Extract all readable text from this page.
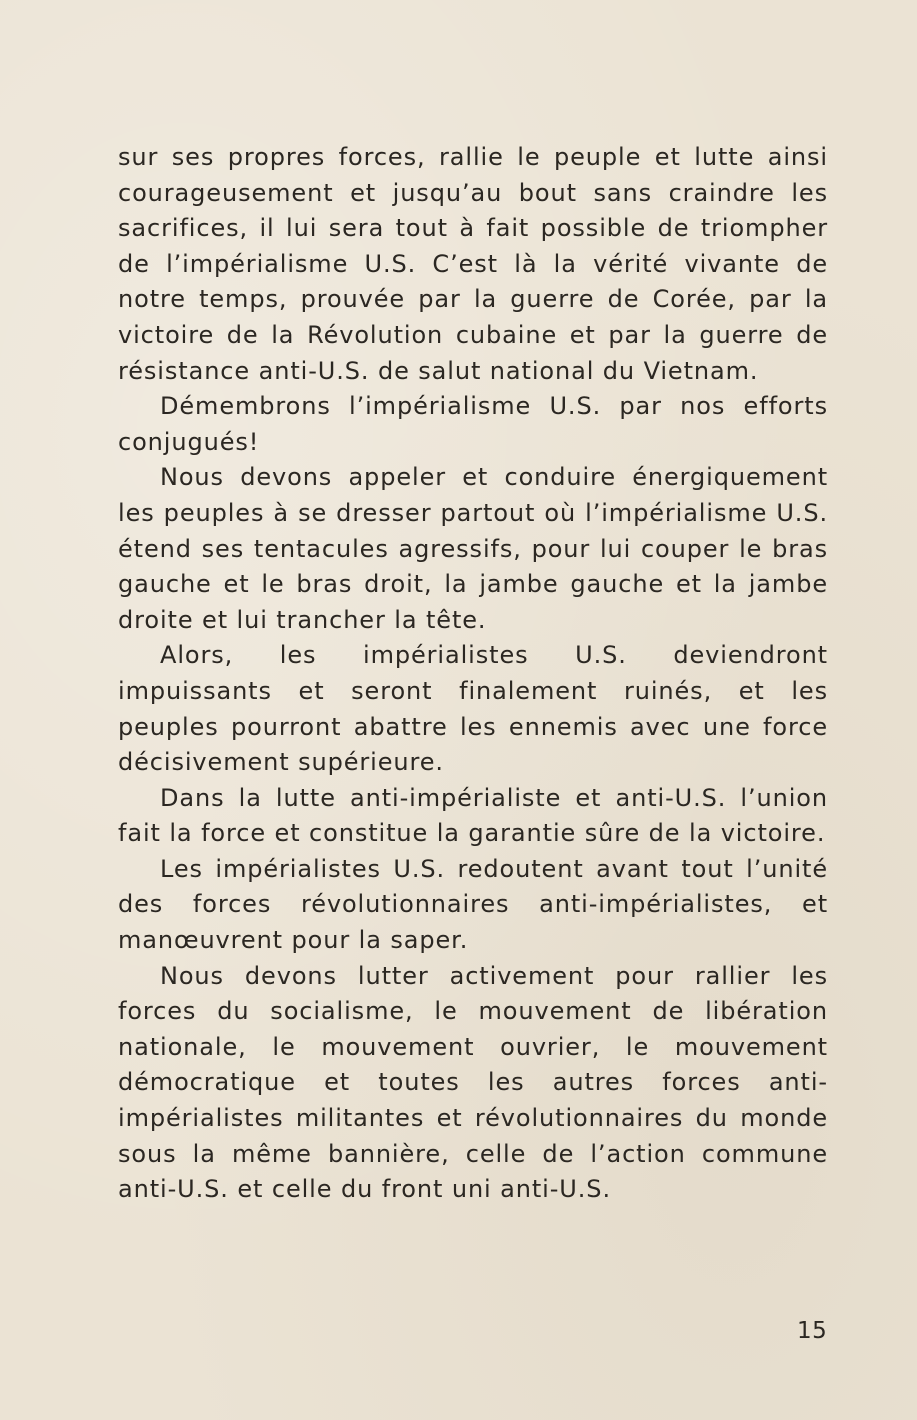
sur ses propres forces, rallie le peuple et lutte ainsi courageusement et jusqu’au bout sans craindre les sacrifices, il lui sera tout à fait possible de triompher de l’impérialisme U.S. C’est là la vérité vivante de notre temps, prouvée par la guerre de Corée, par la victoire de la Révolution cubaine et par la guerre de résistance anti-U.S. de salut national du Vietnam.

Démembrons l’impérialisme U.S. par nos efforts conjugués!

Nous devons appeler et conduire énergiquement les peuples à se dresser partout où l’impérialisme U.S. étend ses tentacules agressifs, pour lui couper le bras gauche et le bras droit, la jambe gauche et la jambe droite et lui trancher la tête.

Alors, les impérialistes U.S. deviendront impuissants et seront finalement ruinés, et les peuples pourront abattre les ennemis avec une force décisivement supérieure.

Dans la lutte anti-impérialiste et anti-U.S. l’union fait la force et constitue la garantie sûre de la victoire.

Les impérialistes U.S. redoutent avant tout l’unité des forces révolutionnaires anti-impérialistes, et manœuvrent pour la saper.

Nous devons lutter activement pour rallier les forces du socialisme, le mouvement de libération nationale, le mouvement ouvrier, le mouvement démocratique et toutes les autres forces anti-impérialistes militantes et révolutionnaires du monde sous la même bannière, celle de l’action commune anti-U.S. et celle du front uni anti-U.S.

15
